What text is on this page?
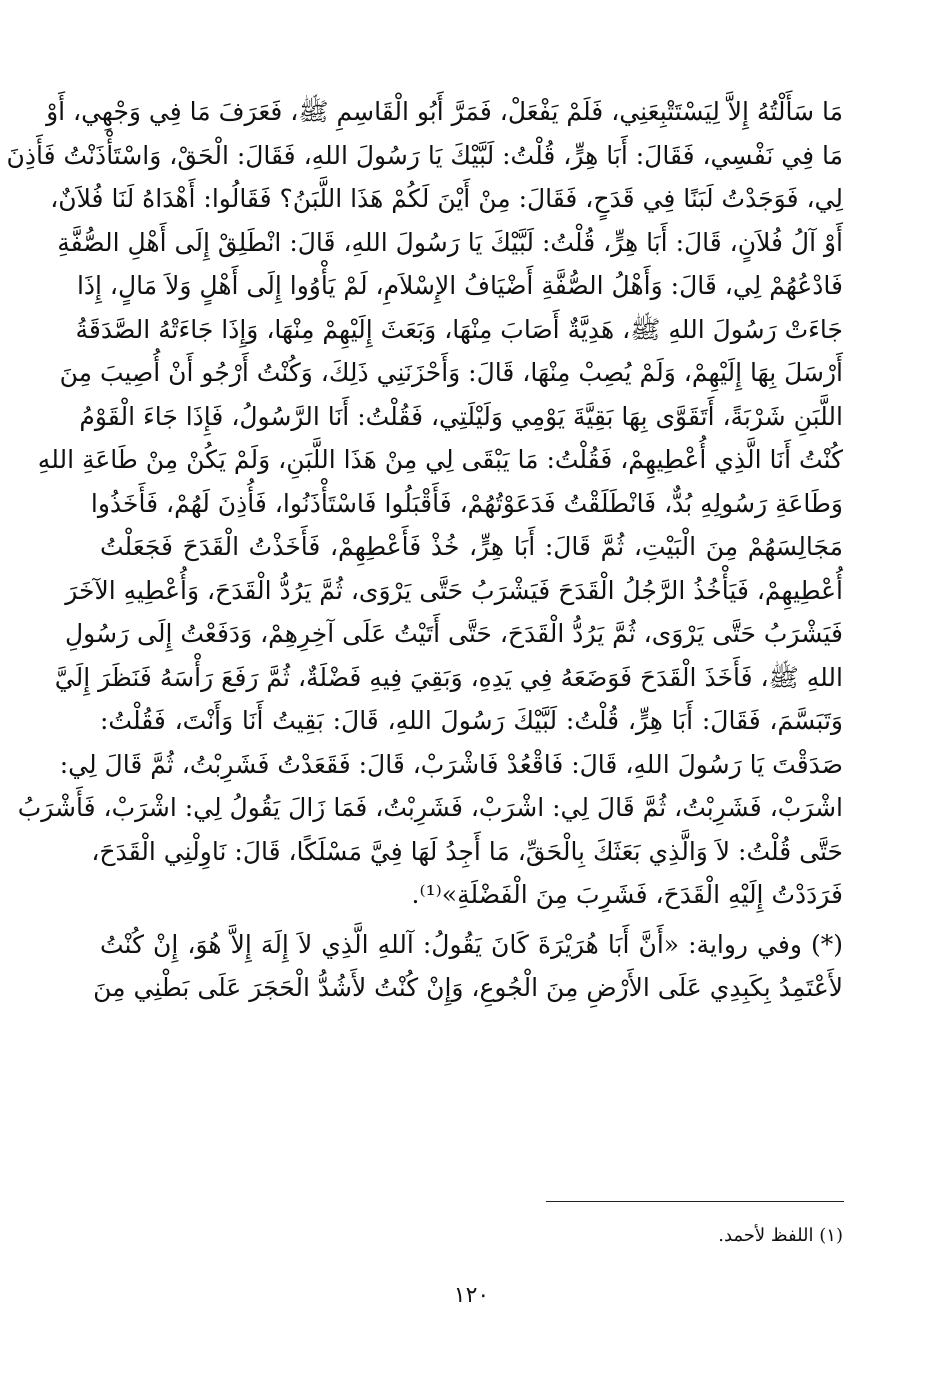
مَا سَأَلْتُهُ إِلاَّ لِيَسْتَتْبِعَنِي، فَلَمْ يَفْعَلْ، فَمَرَّ أَبُو الْقَاسِمِ ﷺ، فَعَرَفَ مَا فِي وَجْهِي، أَوْ
مَا فِي نَفْسِي، فَقَالَ: أَبَا هِرٍّ، قُلْتُ: لَبَّيْكَ يَا رَسُولَ اللهِ، فَقَالَ: الْحَقْ، وَاسْتَأْذَنْتُ فَأَذِنَ
لِي، فَوَجَدْتُ لَبَنًا فِي قَدَحٍ، فَقَالَ: مِنْ أَيْنَ لَكُمْ هَذَا اللَّبَنُ؟ فَقَالُوا: أَهْدَاهُ لَنَا فُلاَنٌ،
أَوْ آلُ فُلاَنٍ، قَالَ: أَبَا هِرٍّ، قُلْتُ: لَبَّيْكَ يَا رَسُولَ اللهِ، قَالَ: انْطَلِقْ إِلَى أَهْلِ الصُّفَّةِ
فَادْعُهُمْ لِي، قَالَ: وَأَهْلُ الصُّفَّةِ أَضْيَافُ الإِسْلاَمِ، لَمْ يَأْوُوا إِلَى أَهْلٍ وَلاَ مَالٍ، إِذَا
جَاءَتْ رَسُولَ اللهِ ﷺ، هَدِيَّةٌ أَصَابَ مِنْهَا، وَبَعَثَ إِلَيْهِمْ مِنْهَا، وَإِذَا جَاءَتْهُ الصَّدَقَةُ
أَرْسَلَ بِهَا إِلَيْهِمْ، وَلَمْ يُصِبْ مِنْهَا، قَالَ: وَأَحْزَنَنِي ذَلِكَ، وَكُنْتُ أَرْجُو أَنْ أُصِيبَ مِنَ
اللَّبَنِ شَرْبَةً، أَتَقَوَّى بِهَا بَقِيَّةَ يَوْمِي وَلَيْلَتِي، فَقُلْتُ: أَنَا الرَّسُولُ، فَإِذَا جَاءَ الْقَوْمُ
كُنْتُ أَنَا الَّذِي أُعْطِيهِمْ، فَقُلْتُ: مَا يَبْقَى لِي مِنْ هَذَا اللَّبَنِ، وَلَمْ يَكُنْ مِنْ طَاعَةِ اللهِ
وَطَاعَةِ رَسُولِهِ بُدٌّ، فَانْطَلَقْتُ فَدَعَوْتُهُمْ، فَأَقْبَلُوا فَاسْتَأْذَنُوا، فَأُذِنَ لَهُمْ، فَأَخَذُوا
مَجَالِسَهُمْ مِنَ الْبَيْتِ، ثُمَّ قَالَ: أَبَا هِرٍّ، خُذْ فَأَعْطِهِمْ، فَأَخَذْتُ الْقَدَحَ فَجَعَلْتُ
أُعْطِيهِمْ، فَيَأْخُذُ الرَّجُلُ الْقَدَحَ فَيَشْرَبُ حَتَّى يَرْوَى، ثُمَّ يَرُدُّ الْقَدَحَ، وَأُعْطِيهِ الآخَرَ
فَيَشْرَبُ حَتَّى يَرْوَى، ثُمَّ يَرُدُّ الْقَدَحَ، حَتَّى أَتَيْتُ عَلَى آخِرِهِمْ، وَدَفَعْتُ إِلَى رَسُولِ
اللهِ ﷺ، فَأَخَذَ الْقَدَحَ فَوَضَعَهُ فِي يَدِهِ، وَبَقِيَ فِيهِ فَضْلَةٌ، ثُمَّ رَفَعَ رَأْسَهُ فَنَظَرَ إِلَيَّ
وَتَبَسَّمَ، فَقَالَ: أَبَا هِرٍّ، قُلْتُ: لَبَّيْكَ رَسُولَ اللهِ، قَالَ: بَقِيتُ أَنَا وَأَنْتَ، فَقُلْتُ:
صَدَقْتَ يَا رَسُولَ اللهِ، قَالَ: فَاقْعُدْ فَاشْرَبْ، قَالَ: فَقَعَدْتُ فَشَرِبْتُ، ثُمَّ قَالَ لِي:
اشْرَبْ، فَشَرِبْتُ، ثُمَّ قَالَ لِي: اشْرَبْ، فَشَرِبْتُ، فَمَا زَالَ يَقُولُ لِي: اشْرَبْ، فَأَشْرَبُ
حَتَّى قُلْتُ: لاَ وَالَّذِي بَعَثَكَ بِالْحَقِّ، مَا أَجِدُ لَهَا فِيَّ مَسْلَكًا، قَالَ: نَاوِلْنِي الْقَدَحَ،
فَرَدَدْتُ إِلَيْهِ الْقَدَحَ، فَشَرِبَ مِنَ الْفَضْلَةِ»⁽¹⁾.
(*) وفي رواية: «أَنَّ أَبَا هُرَيْرَةَ كَانَ يَقُولُ: آللهِ الَّذِي لاَ إِلَهَ إِلاَّ هُوَ، إِنْ كُنْتُ
لأَعْتَمِدُ بِكَبِدِي عَلَى الأَرْضِ مِنَ الْجُوعِ، وَإِنْ كُنْتُ لأَشُدُّ الْحَجَرَ عَلَى بَطْنِي مِنَ

(١) اللفظ لأحمد.

١٢٠
